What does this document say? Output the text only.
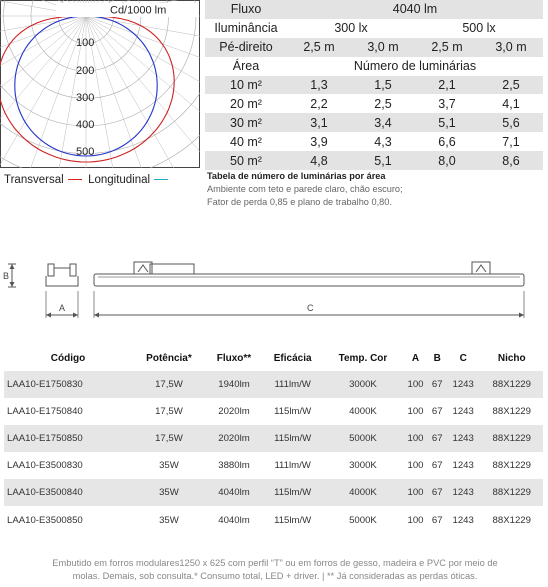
Cd/1000 lm
100
200
300
400
500
Transversal Longitudinal
Fluxo	4040 lm			
Iluminância	300 lx		500 lx	
Pé-direito	2,5 m	3,0 m	2,5 m	3,0 m
Área	Número de luminárias			
10 m²	1,3	1,5	2,1	2,5
20 m²	2,2	2,5	3,7	4,1
30 m²	3,1	3,4	5,1	5,6
40 m²	3,9	4,3	6,6	7,1
50 m²	4,8	5,1	8,0	8,6
Tabela de número de luminárias por área
Ambiente com teto e parede claro, chão escuro;
Fator de perda 0,85 e plano de trabalho 0,80.
B
A	C
Código	Potência*	Fluxo**	Eficácia	Temp. Cor	A	B	C	Nicho
LAA10-E1750830	17,5W	1940lm	111lm/W	3000K	100	67	1243	88X1229
LAA10-E1750840	17,5W	2020lm	115lm/W	4000K	100	67	1243	88X1229
LAA10-E1750850	17,5W	2020lm	115lm/W	5000K	100	67	1243	88X1229
LAA10-E3500830	35W	3880lm	111lm/W	3000K	100	67	1243	88X1229
LAA10-E3500840	35W	4040lm	115lm/W	4000K	100	67	1243	88X1229
LAA10-E3500850	35W	4040lm	115lm/W	5000K	100	67	1243	88X1229
Embutido em forros modulares1250 x 625 com perfil “T” ou em forros de gesso, madeira e PVC por meio de
molas. Demais, sob consulta.* Consumo total, LED + driver. | ** Já consideradas as perdas óticas.
